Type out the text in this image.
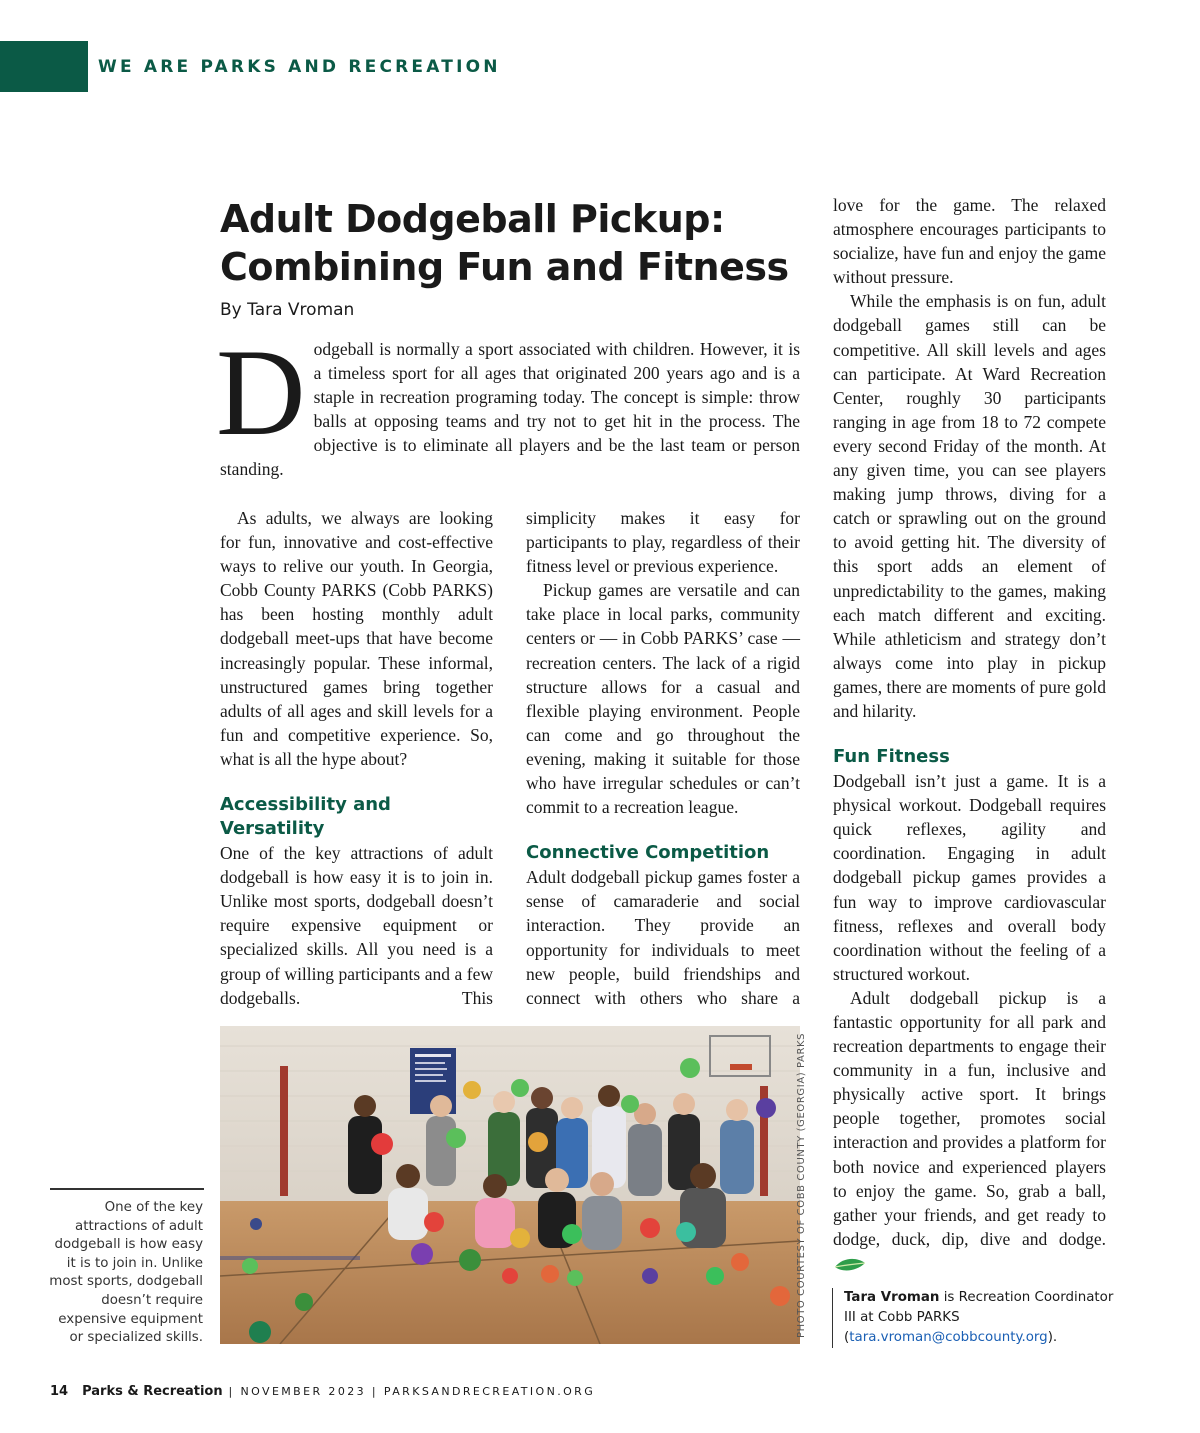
WE ARE PARKS AND RECREATION
Adult Dodgeball Pickup: Combining Fun and Fitness
By Tara Vroman
Dodgeball is normally a sport associated with children. However, it is a timeless sport for all ages that originated 200 years ago and is a staple in recreation programing today. The concept is simple: throw balls at opposing teams and try not to get hit in the process. The objective is to eliminate all players and be the last team or person standing.

As adults, we always are looking for fun, innovative and cost-effective ways to relive our youth. In Georgia, Cobb County PARKS (Cobb PARKS) has been hosting monthly adult dodgeball meet-ups that have become increasingly popular. These informal, unstructured games bring together adults of all ages and skill levels for a fun and competitive experience. So, what is all the hype about?

Accessibility and Versatility

One of the key attractions of adult dodgeball is how easy it is to join in. Unlike most sports, dodgeball doesn’t require expensive equipment or specialized skills. All you need is a group of willing participants and a few dodgeballs. This

simplicity makes it easy for participants to play, regardless of their fitness level or previous experience.

Pickup games are versatile and can take place in local parks, community centers or — in Cobb PARKS’ case — recreation centers. The lack of a rigid structure allows for a casual and flexible playing environment. People can come and go throughout the evening, making it suitable for those who have irregular schedules or can’t commit to a recreation league.

Connective Competition

Adult dodgeball pickup games foster a sense of camaraderie and social interaction. They provide an opportunity for individuals to meet new people, build friendships and connect with others who share a

love for the game. The relaxed atmosphere encourages participants to socialize, have fun and enjoy the game without pressure.

While the emphasis is on fun, adult dodgeball games still can be competitive. All skill levels and ages can participate. At Ward Recreation Center, roughly 30 participants ranging in age from 18 to 72 compete every second Friday of the month. At any given time, you can see players making jump throws, diving for a catch or sprawling out on the ground to avoid getting hit. The diversity of this sport adds an element of unpredictability to the games, making each match different and exciting. While athleticism and strategy don’t always come into play in pickup games, there are moments of pure gold and hilarity.

Fun Fitness

Dodgeball isn’t just a game. It is a physical workout. Dodgeball requires quick reflexes, agility and coordination. Engaging in adult dodgeball pickup games provides a fun way to improve cardiovascular fitness, reflexes and overall body coordination without the feeling of a structured workout.

Adult dodgeball pickup is a fantastic opportunity for all park and recreation departments to engage their community in a fun, inclusive and physically active sport. It brings people together, promotes social interaction and provides a platform for both novice and experienced players to enjoy the game. So, grab a ball, gather your friends, and get ready to dodge, duck, dip, dive and dodge.

PHOTO COURTESY OF COBB COUNTY (GEORGIA) PARKS
One of the key attractions of adult dodgeball is how easy it is to join in. Unlike most sports, dodgeball doesn’t require expensive equipment or specialized skills.
Tara Vroman is Recreation Coordinator III at Cobb PARKS (tara.vroman@cobbcounty.org).
14 Parks & Recreation | NOVEMBER 2023 | PARKSANDRECREATION.ORG
